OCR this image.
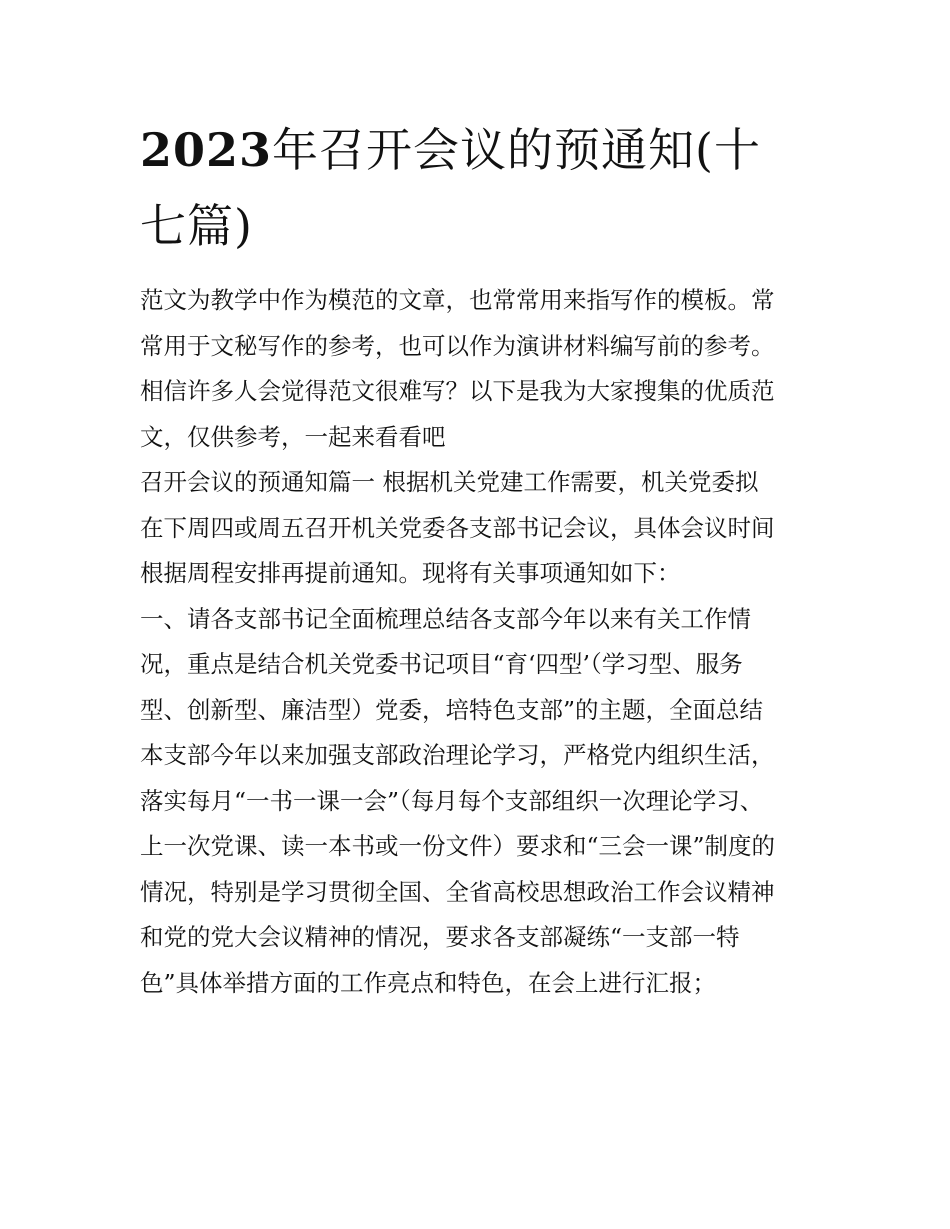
2023年召开会议的预通知(十
七篇)

范文为教学中作为模范的文章，也常常用来指写作的模板。常
常用于文秘写作的参考，也可以作为演讲材料编写前的参考。
相信许多人会觉得范文很难写？以下是我为大家搜集的优质范
文，仅供参考，一起来看看吧

召开会议的预通知篇一 根据机关党建工作需要，机关党委拟
在下周四或周五召开机关党委各支部书记会议，具体会议时间
根据周程安排再提前通知。现将有关事项通知如下：

一、请各支部书记全面梳理总结各支部今年以来有关工作情
况，重点是结合机关党委书记项目“育‘四型’（学习型、服务
型、创新型、廉洁型）党委，培特色支部”的主题，全面总结
本支部今年以来加强支部政治理论学习，严格党内组织生活，
落实每月“一书一课一会”（每月每个支部组织一次理论学习、
上一次党课、读一本书或一份文件）要求和“三会一课”制度的
情况，特别是学习贯彻全国、全省高校思想政治工作会议精神
和党的党大会议精神的情况，要求各支部凝练“一支部一特
色”具体举措方面的工作亮点和特色，在会上进行汇报；
